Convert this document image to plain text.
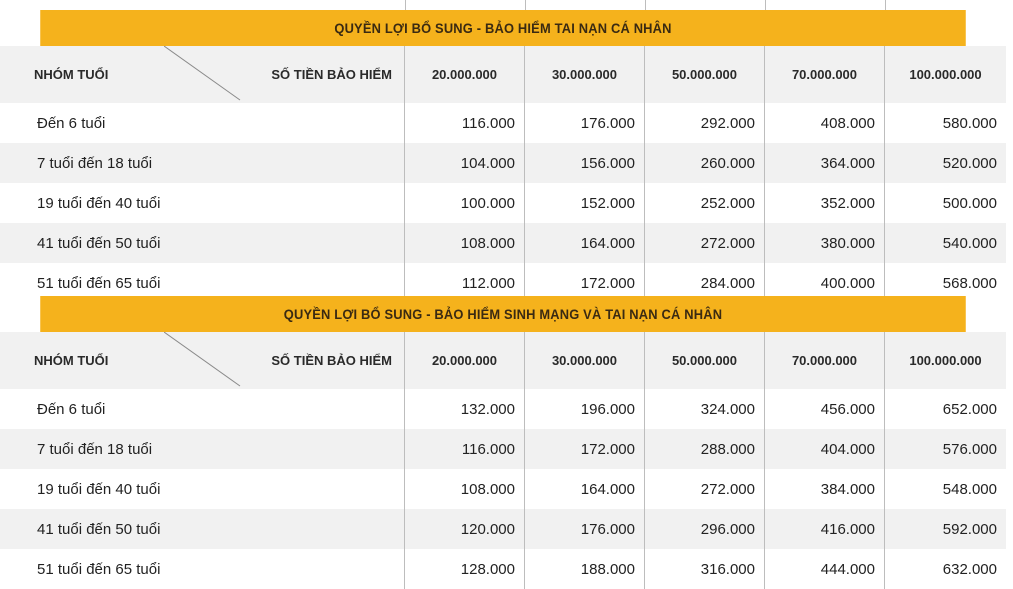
QUYỀN LỢI BỔ SUNG - BẢO HIỂM TAI NẠN CÁ NHÂN
NHÓM TUỔI	SỐ TIỀN BẢO HIỂM	20.000.000	30.000.000	50.000.000	70.000.000	100.000.000
Đến 6 tuổi	116.000	176.000	292.000	408.000	580.000
7 tuổi đến 18 tuổi	104.000	156.000	260.000	364.000	520.000
19 tuổi đến 40 tuổi	100.000	152.000	252.000	352.000	500.000
41 tuổi đến 50 tuổi	108.000	164.000	272.000	380.000	540.000
51 tuổi đến 65 tuổi	112.000	172.000	284.000	400.000	568.000
QUYỀN LỢI BỔ SUNG - BẢO HIỂM SINH MẠNG VÀ TAI NẠN CÁ NHÂN
NHÓM TUỔI	SỐ TIỀN BẢO HIỂM	20.000.000	30.000.000	50.000.000	70.000.000	100.000.000
Đến 6 tuổi	132.000	196.000	324.000	456.000	652.000
7 tuổi đến 18 tuổi	116.000	172.000	288.000	404.000	576.000
19 tuổi đến 40 tuổi	108.000	164.000	272.000	384.000	548.000
41 tuổi đến 50 tuổi	120.000	176.000	296.000	416.000	592.000
51 tuổi đến 65 tuổi	128.000	188.000	316.000	444.000	632.000
